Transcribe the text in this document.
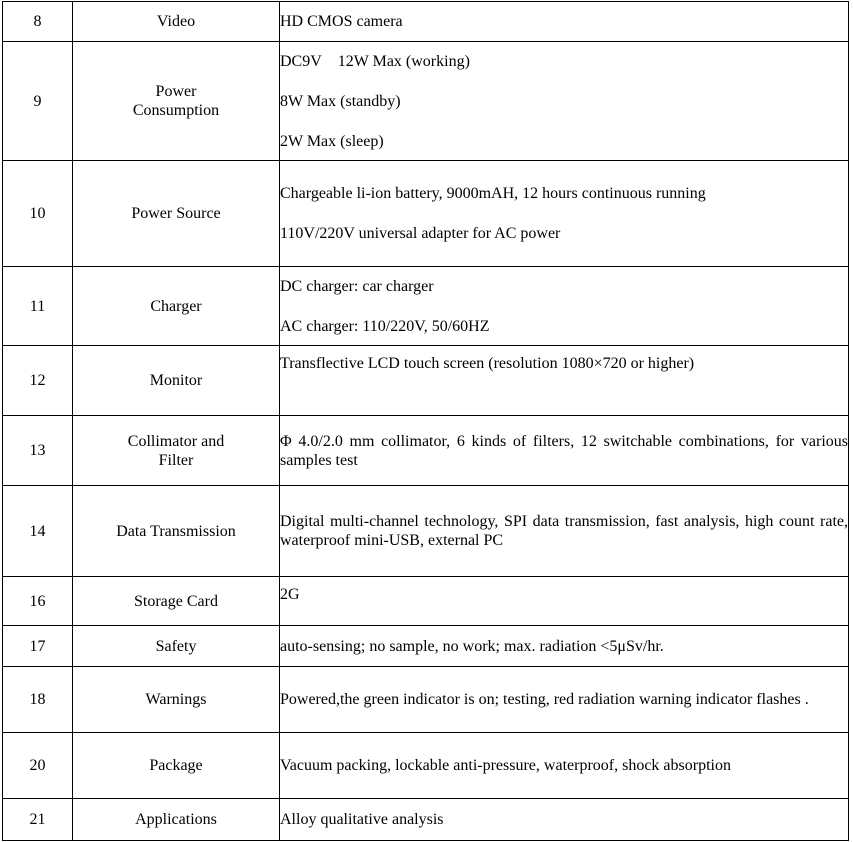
8	Video	HD CMOS camera

9	Power Consumption	DC9V    12W Max (working)

8W Max (standby)

2W Max (sleep)

10	Power Source	Chargeable li-ion battery, 9000mAH, 12 hours continuous running

110V/220V universal adapter for AC power

11	Charger	DC charger: car charger

AC charger: 110/220V, 50/60HZ

12	Monitor	Transflective LCD touch screen (resolution 1080×720 or higher)

13	Collimator and Filter	Φ 4.0/2.0 mm collimator, 6 kinds of filters, 12 switchable combinations, for various samples test

14	Data Transmission	Digital multi-channel technology, SPI data transmission, fast analysis, high count rate, waterproof mini-USB, external PC

16	Storage Card	2G

17	Safety	auto-sensing; no sample, no work; max. radiation <5μSv/hr.

18	Warnings	Powered,the green indicator is on; testing, red radiation warning indicator flashes .

20	Package	Vacuum packing, lockable anti-pressure, waterproof, shock absorption

21	Applications	Alloy qualitative analysis
